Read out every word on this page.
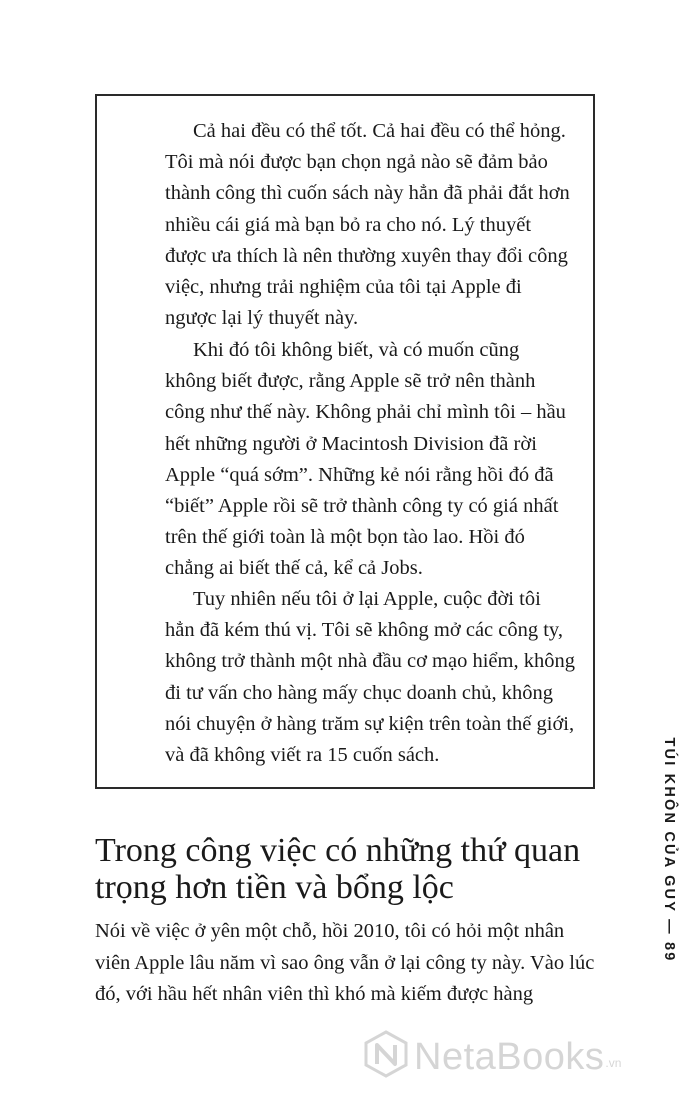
Cả hai đều có thể tốt. Cả hai đều có thể hỏng. Tôi mà nói được bạn chọn ngả nào sẽ đảm bảo thành công thì cuốn sách này hẳn đã phải đắt hơn nhiều cái giá mà bạn bỏ ra cho nó. Lý thuyết được ưa thích là nên thường xuyên thay đổi công việc, nhưng trải nghiệm của tôi tại Apple đi ngược lại lý thuyết này.

Khi đó tôi không biết, và có muốn cũng không biết được, rằng Apple sẽ trở nên thành công như thế này. Không phải chỉ mình tôi – hầu hết những người ở Macintosh Division đã rời Apple “quá sớm”. Những kẻ nói rằng hồi đó đã “biết” Apple rồi sẽ trở thành công ty có giá nhất trên thế giới toàn là một bọn tào lao. Hồi đó chẳng ai biết thế cả, kể cả Jobs.

Tuy nhiên nếu tôi ở lại Apple, cuộc đời tôi hẳn đã kém thú vị. Tôi sẽ không mở các công ty, không trở thành một nhà đầu cơ mạo hiểm, không đi tư vấn cho hàng mấy chục doanh chủ, không nói chuyện ở hàng trăm sự kiện trên toàn thế giới, và đã không viết ra 15 cuốn sách.

Trong công việc có những thứ quan trọng hơn tiền và bổng lộc

Nói về việc ở yên một chỗ, hồi 2010, tôi có hỏi một nhân viên Apple lâu năm vì sao ông vẫn ở lại công ty này. Vào lúc đó, với hầu hết nhân viên thì khó mà kiếm được hàng

TÚI KHÔN CỦA GUY — 89
NetaBooks .vn
